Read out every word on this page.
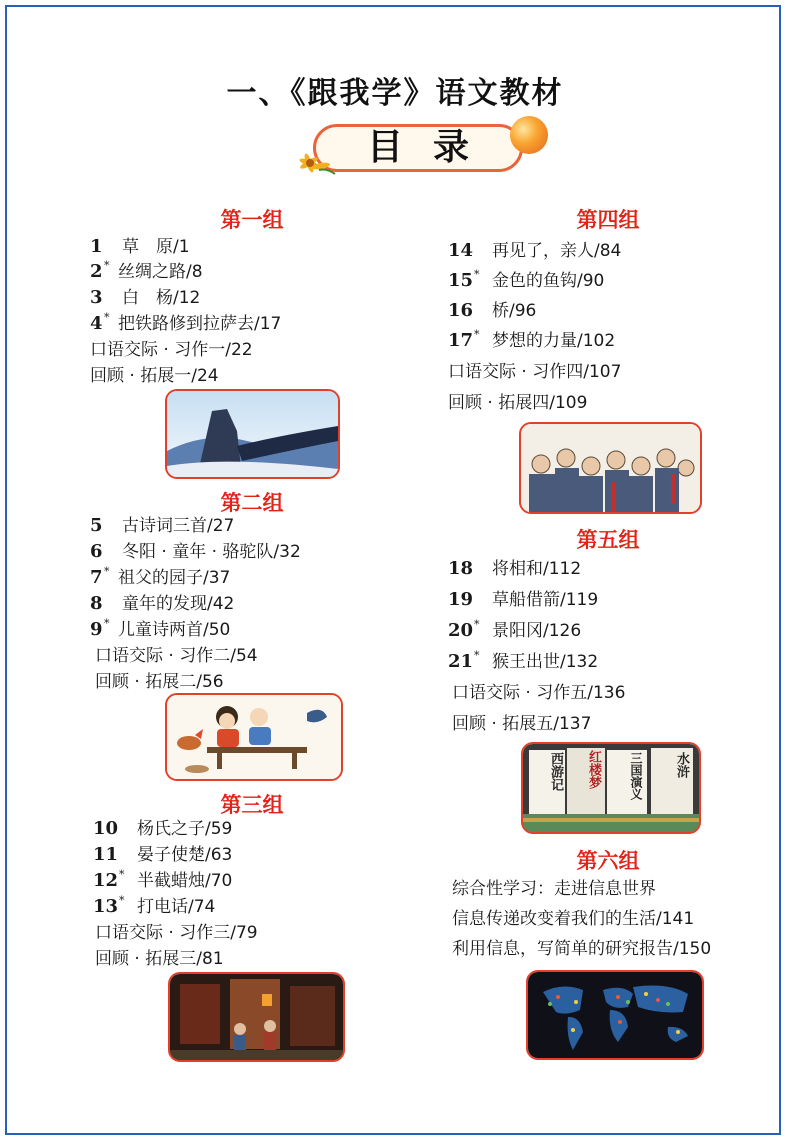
一、《跟我学》语文教材
目录
第一组
1 草　原/1
2* 丝绸之路/8
3 白　杨/12
4* 把铁路修到拉萨去/17
口语交际 · 习作一/22
回顾 · 拓展一/24
第二组
5 古诗词三首/27
6 冬阳 · 童年 · 骆驼队/32
7* 祖父的园子/37
8 童年的发现/42
9* 儿童诗两首/50
口语交际 · 习作二/54
回顾 · 拓展二/56
第三组
10 杨氏之子/59
11 晏子使楚/63
12* 半截蜡烛/70
13* 打电话/74
口语交际 · 习作三/79
回顾 · 拓展三/81
第四组
14 再见了，亲人/84
15* 金色的鱼钩/90
16 桥/96
17* 梦想的力量/102
口语交际 · 习作四/107
回顾 · 拓展四/109
第五组
18 将相和/112
19 草船借箭/119
20* 景阳冈/126
21* 猴王出世/132
口语交际 · 习作五/136
回顾 · 拓展五/137
西游记	红楼梦	三国演义	水浒
第六组
综合性学习：走进信息世界
信息传递改变着我们的生活/141
利用信息，写简单的研究报告/150
